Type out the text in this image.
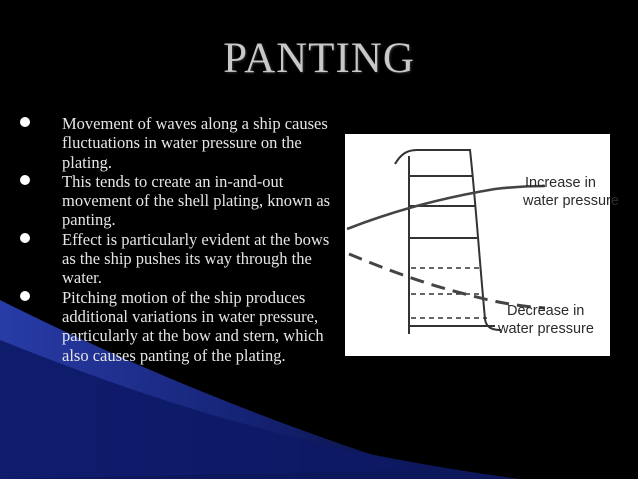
PANTING
Movement of waves along a ship causes fluctuations in water pressure on the plating.
This tends to create an in-and-out movement of the shell plating, known as panting.
Effect is particularly evident at the bows as the ship pushes its way through the water.
Pitching motion of the ship produces additional variations in water pressure, particularly at the bow and stern, which also causes panting of the plating.
Increase in
water pressure
Decrease in
water pressure
